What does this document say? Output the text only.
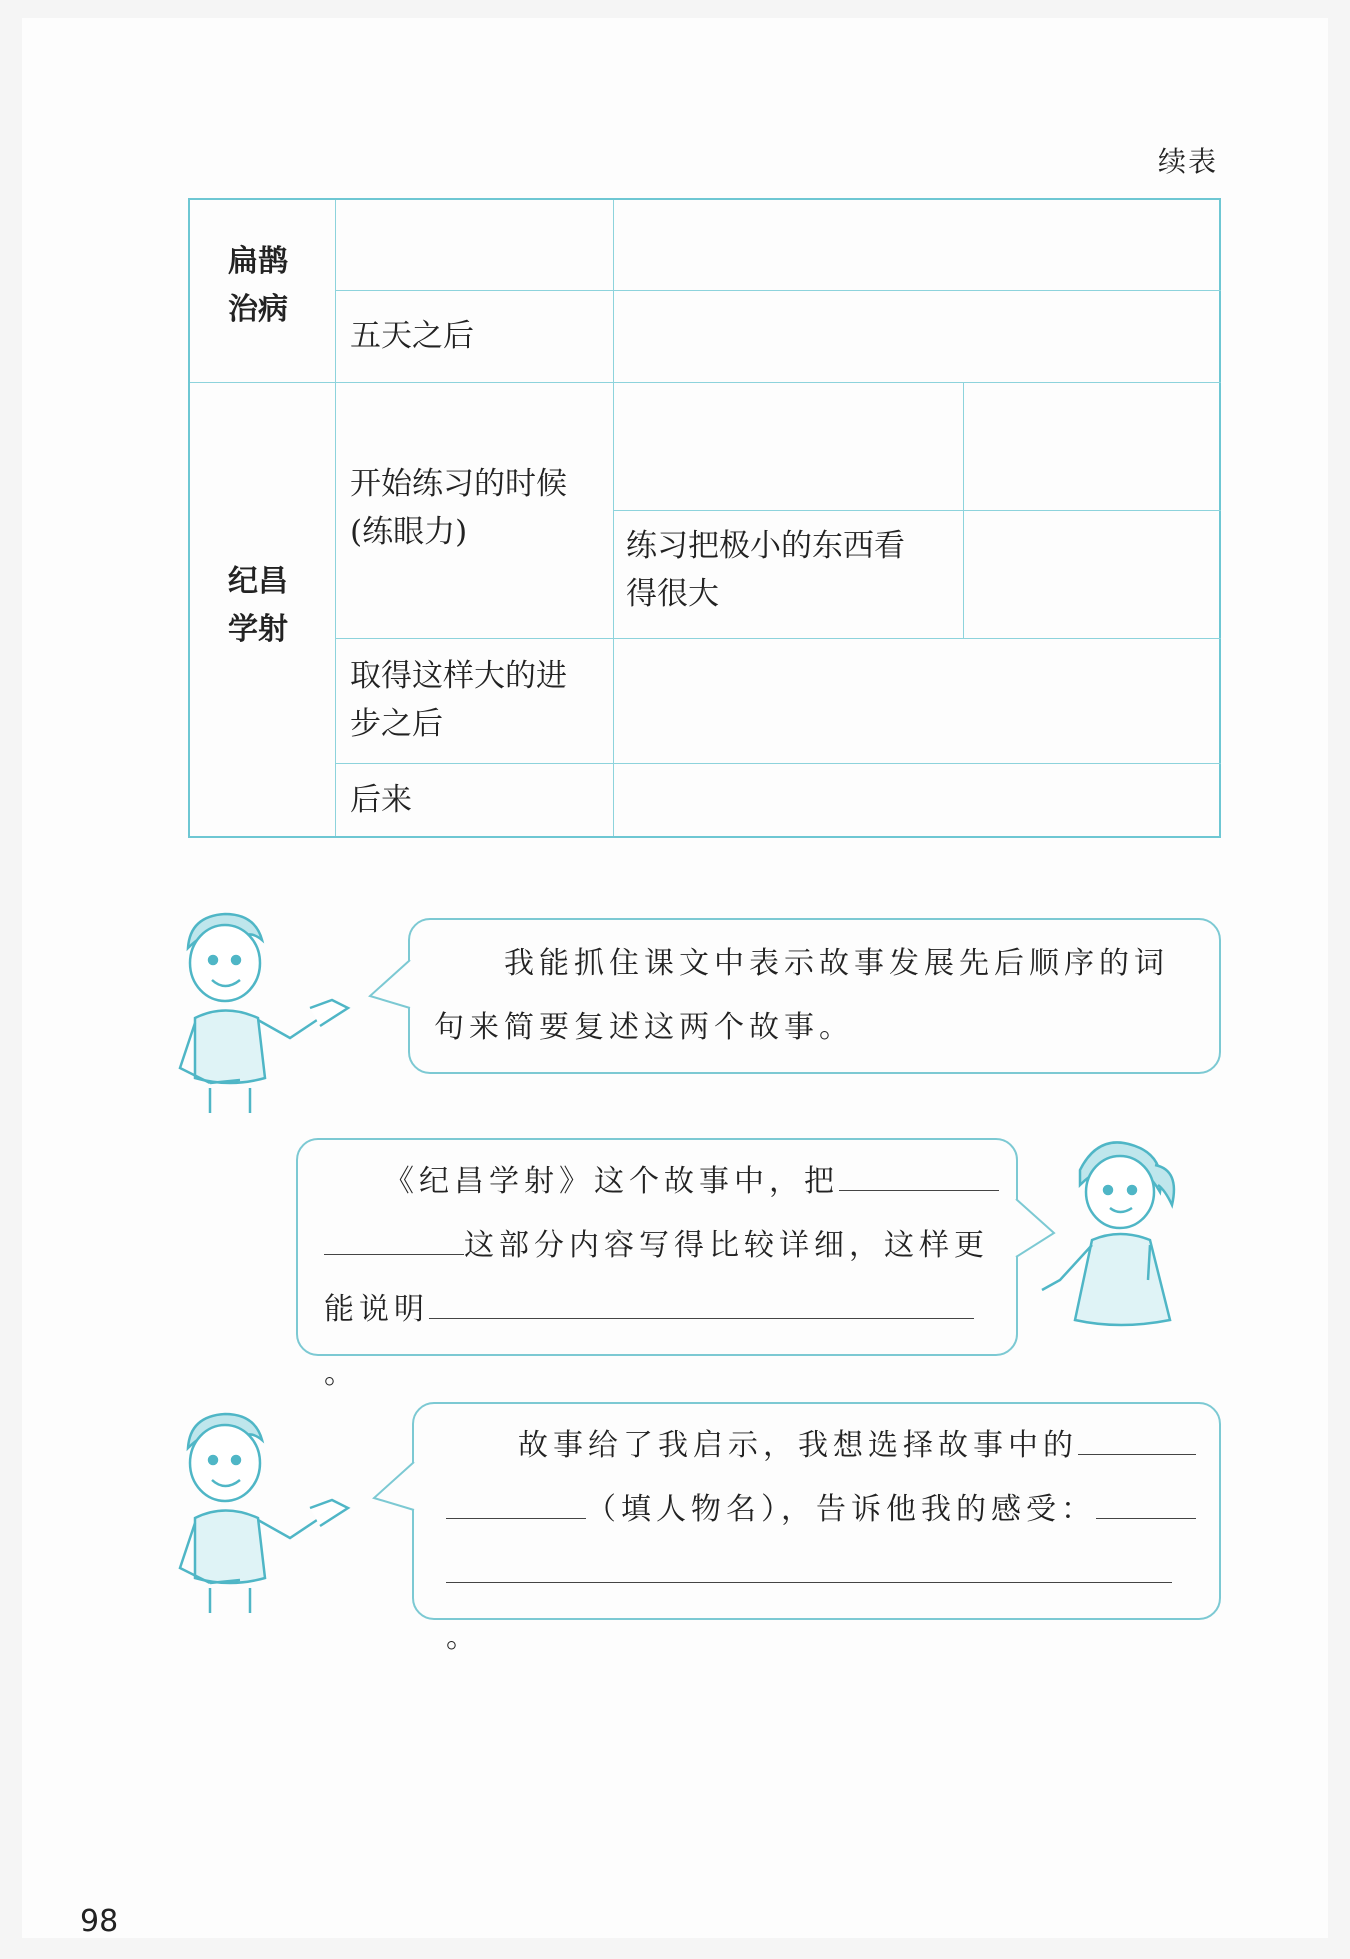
续表
扁鹊
治病
五天之后
纪昌
学射
开始练习的时候
(练眼力)	练习把极小的东西看
得很大
取得这样大的进
步之后
后来
我能抓住课文中表示故事发展先后顺序的词
句来简要复述这两个故事。
《纪昌学射》这个故事中，把
这部分内容写得比较详细，这样更
能说明。
故事给了我启示，我想选择故事中的
（填人物名），告诉他我的感受：
。
98
